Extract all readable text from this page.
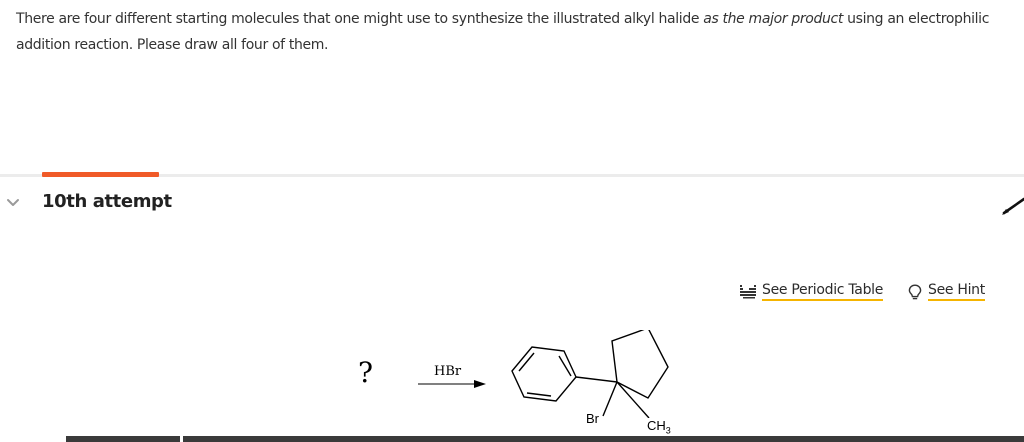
There are four different starting molecules that one might use to synthesize the illustrated alkyl halide as the major product using an electrophilic addition reaction. Please draw all four of them.
10th attempt
See Periodic Table	See Hint
?	HBr
Br	$CH_3$
